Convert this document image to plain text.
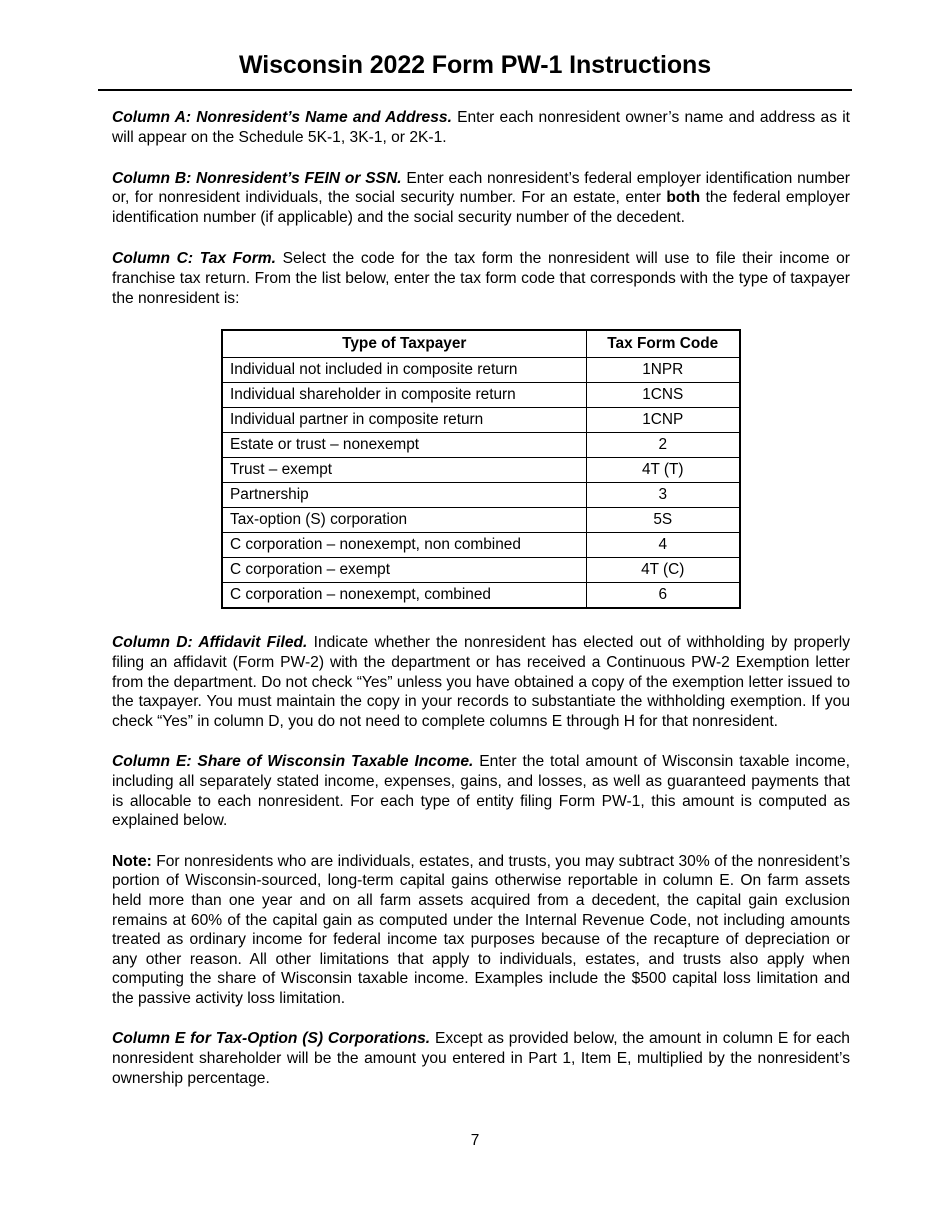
Wisconsin 2022 Form PW-1 Instructions

Column A: Nonresident’s Name and Address. Enter each nonresident owner’s name and address as it will appear on the Schedule 5K-1, 3K-1, or 2K-1.

Column B: Nonresident’s FEIN or SSN. Enter each nonresident’s federal employer identification number or, for nonresident individuals, the social security number. For an estate, enter both the federal employer identification number (if applicable) and the social security number of the decedent.

Column C: Tax Form. Select the code for the tax form the nonresident will use to file their income or franchise tax return. From the list below, enter the tax form code that corresponds with the type of taxpayer the nonresident is:

Type of Taxpayer	Tax Form Code
Individual not included in composite return	1NPR
Individual shareholder in composite return	1CNS
Individual partner in composite return	1CNP
Estate or trust – nonexempt	2
Trust – exempt	4T (T)
Partnership	3
Tax-option (S) corporation	5S
C corporation – nonexempt, non combined	4
C corporation – exempt	4T (C)
C corporation – nonexempt, combined	6

Column D: Affidavit Filed. Indicate whether the nonresident has elected out of withholding by properly filing an affidavit (Form PW-2) with the department or has received a Continuous PW-2 Exemption letter from the department. Do not check “Yes” unless you have obtained a copy of the exemption letter issued to the taxpayer. You must maintain the copy in your records to substantiate the withholding exemption. If you check “Yes” in column D, you do not need to complete columns E through H for that nonresident.

Column E: Share of Wisconsin Taxable Income. Enter the total amount of Wisconsin taxable income, including all separately stated income, expenses, gains, and losses, as well as guaranteed payments that is allocable to each nonresident. For each type of entity filing Form PW-1, this amount is computed as explained below.

Note: For nonresidents who are individuals, estates, and trusts, you may subtract 30% of the nonresident’s portion of Wisconsin-sourced, long-term capital gains otherwise reportable in column E. On farm assets held more than one year and on all farm assets acquired from a decedent, the capital gain exclusion remains at 60% of the capital gain as computed under the Internal Revenue Code, not including amounts treated as ordinary income for federal income tax purposes because of the recapture of depreciation or any other reason. All other limitations that apply to individuals, estates, and trusts also apply when computing the share of Wisconsin taxable income. Examples include the $500 capital loss limitation and the passive activity loss limitation.

Column E for Tax-Option (S) Corporations. Except as provided below, the amount in column E for each nonresident shareholder will be the amount you entered in Part 1, Item E, multiplied by the nonresident’s ownership percentage.

7
